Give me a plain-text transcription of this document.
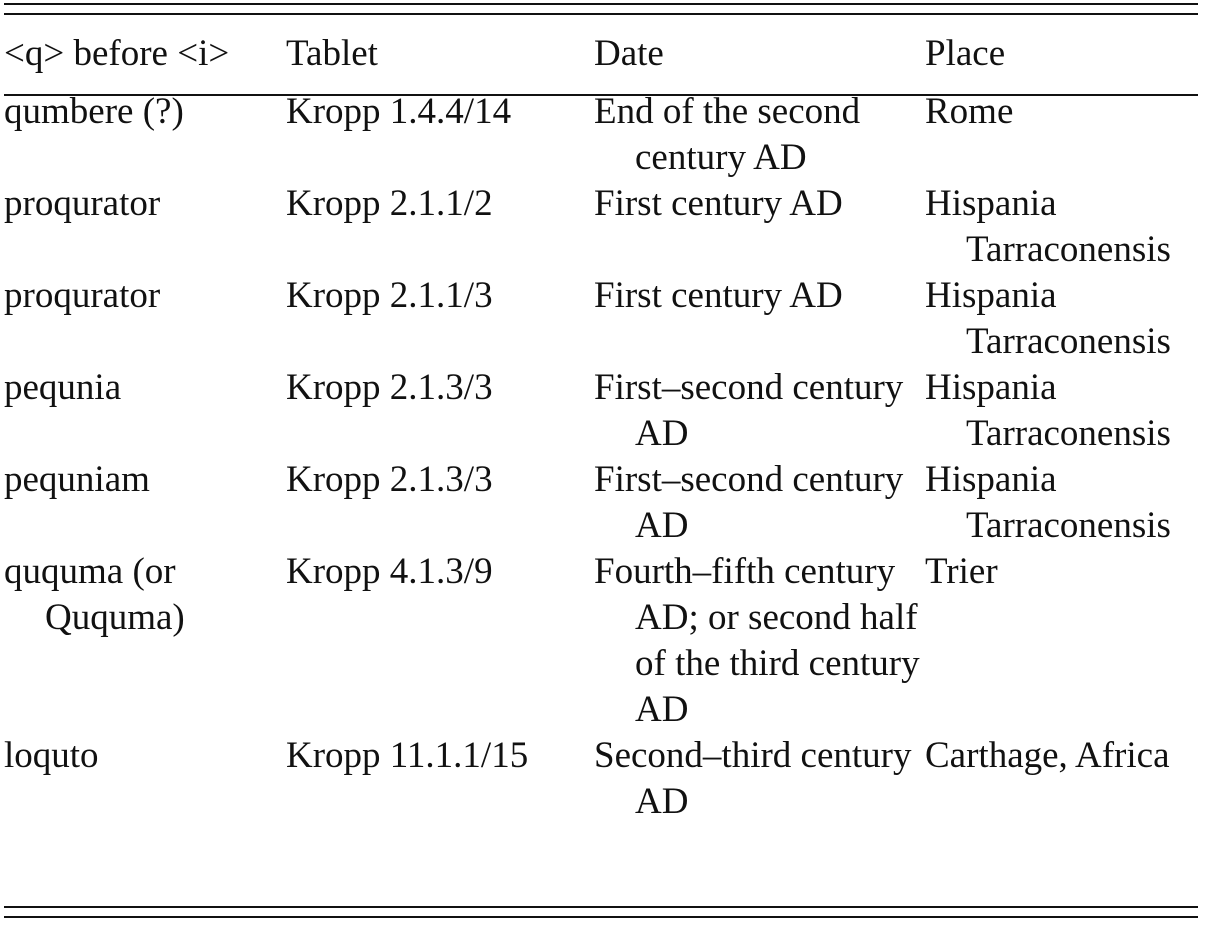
<q> before <i>	Tablet	Date	Place

qumbere (?)	Kropp 1.4.4/14	End of the second century AD	Rome

proqurator	Kropp 2.1.1/2	First century AD	Hispania Tarraconensis

proqurator	Kropp 2.1.1/3	First century AD	Hispania Tarraconensis

pequnia	Kropp 2.1.3/3	First–second century AD	Hispania Tarraconensis

pequniam	Kropp 2.1.3/3	First–second century AD	Hispania Tarraconensis

ququma (or Ququma)	Kropp 4.1.3/9	Fourth–fifth century AD; or second half of the third century AD	Trier

loquto	Kropp 11.1.1/15	Second–third century AD	Carthage, Africa
